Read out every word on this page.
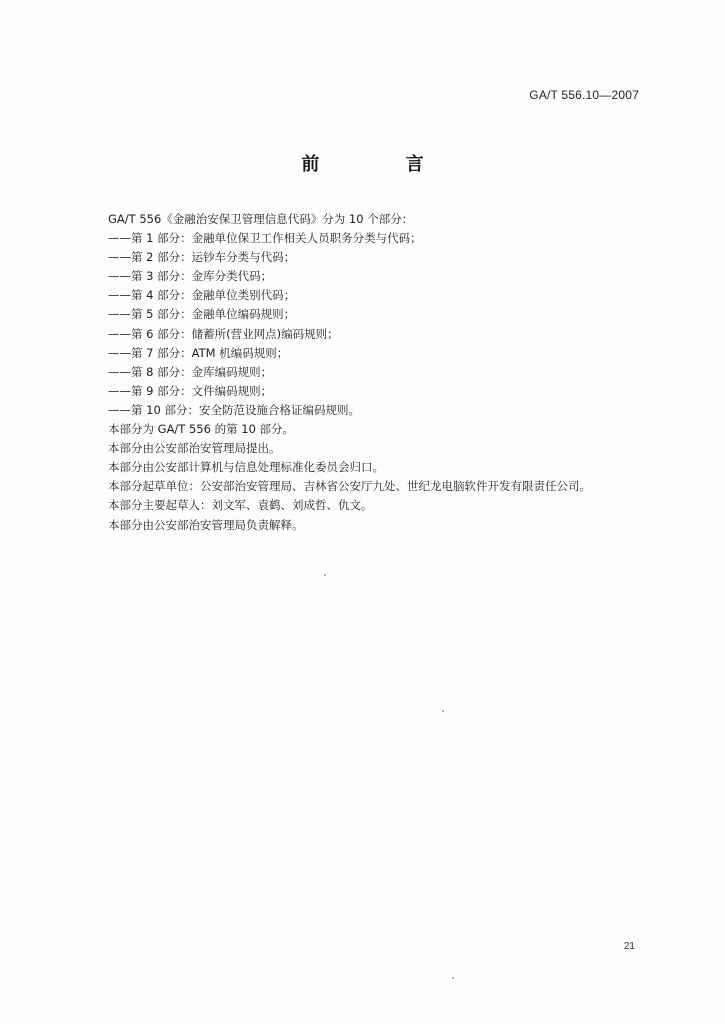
GA/T 556.10—2007
前 言
GA/T 556《金融治安保卫管理信息代码》分为 10 个部分：
——第 1 部分：金融单位保卫工作相关人员职务分类与代码；
——第 2 部分：运钞车分类与代码；
——第 3 部分：金库分类代码；
——第 4 部分：金融单位类别代码；
——第 5 部分：金融单位编码规则；
——第 6 部分：储蓄所(营业网点)编码规则；
——第 7 部分：ATM 机编码规则；
——第 8 部分：金库编码规则；
——第 9 部分：文件编码规则；
——第 10 部分：安全防范设施合格证编码规则。
本部分为 GA/T 556 的第 10 部分。
本部分由公安部治安管理局提出。
本部分由公安部计算机与信息处理标准化委员会归口。
本部分起草单位：公安部治安管理局、吉林省公安厅九处、世纪龙电脑软件开发有限责任公司。
本部分主要起草人：刘文军、袁鹤、刘成哲、仇文。
本部分由公安部治安管理局负责解释。
21
